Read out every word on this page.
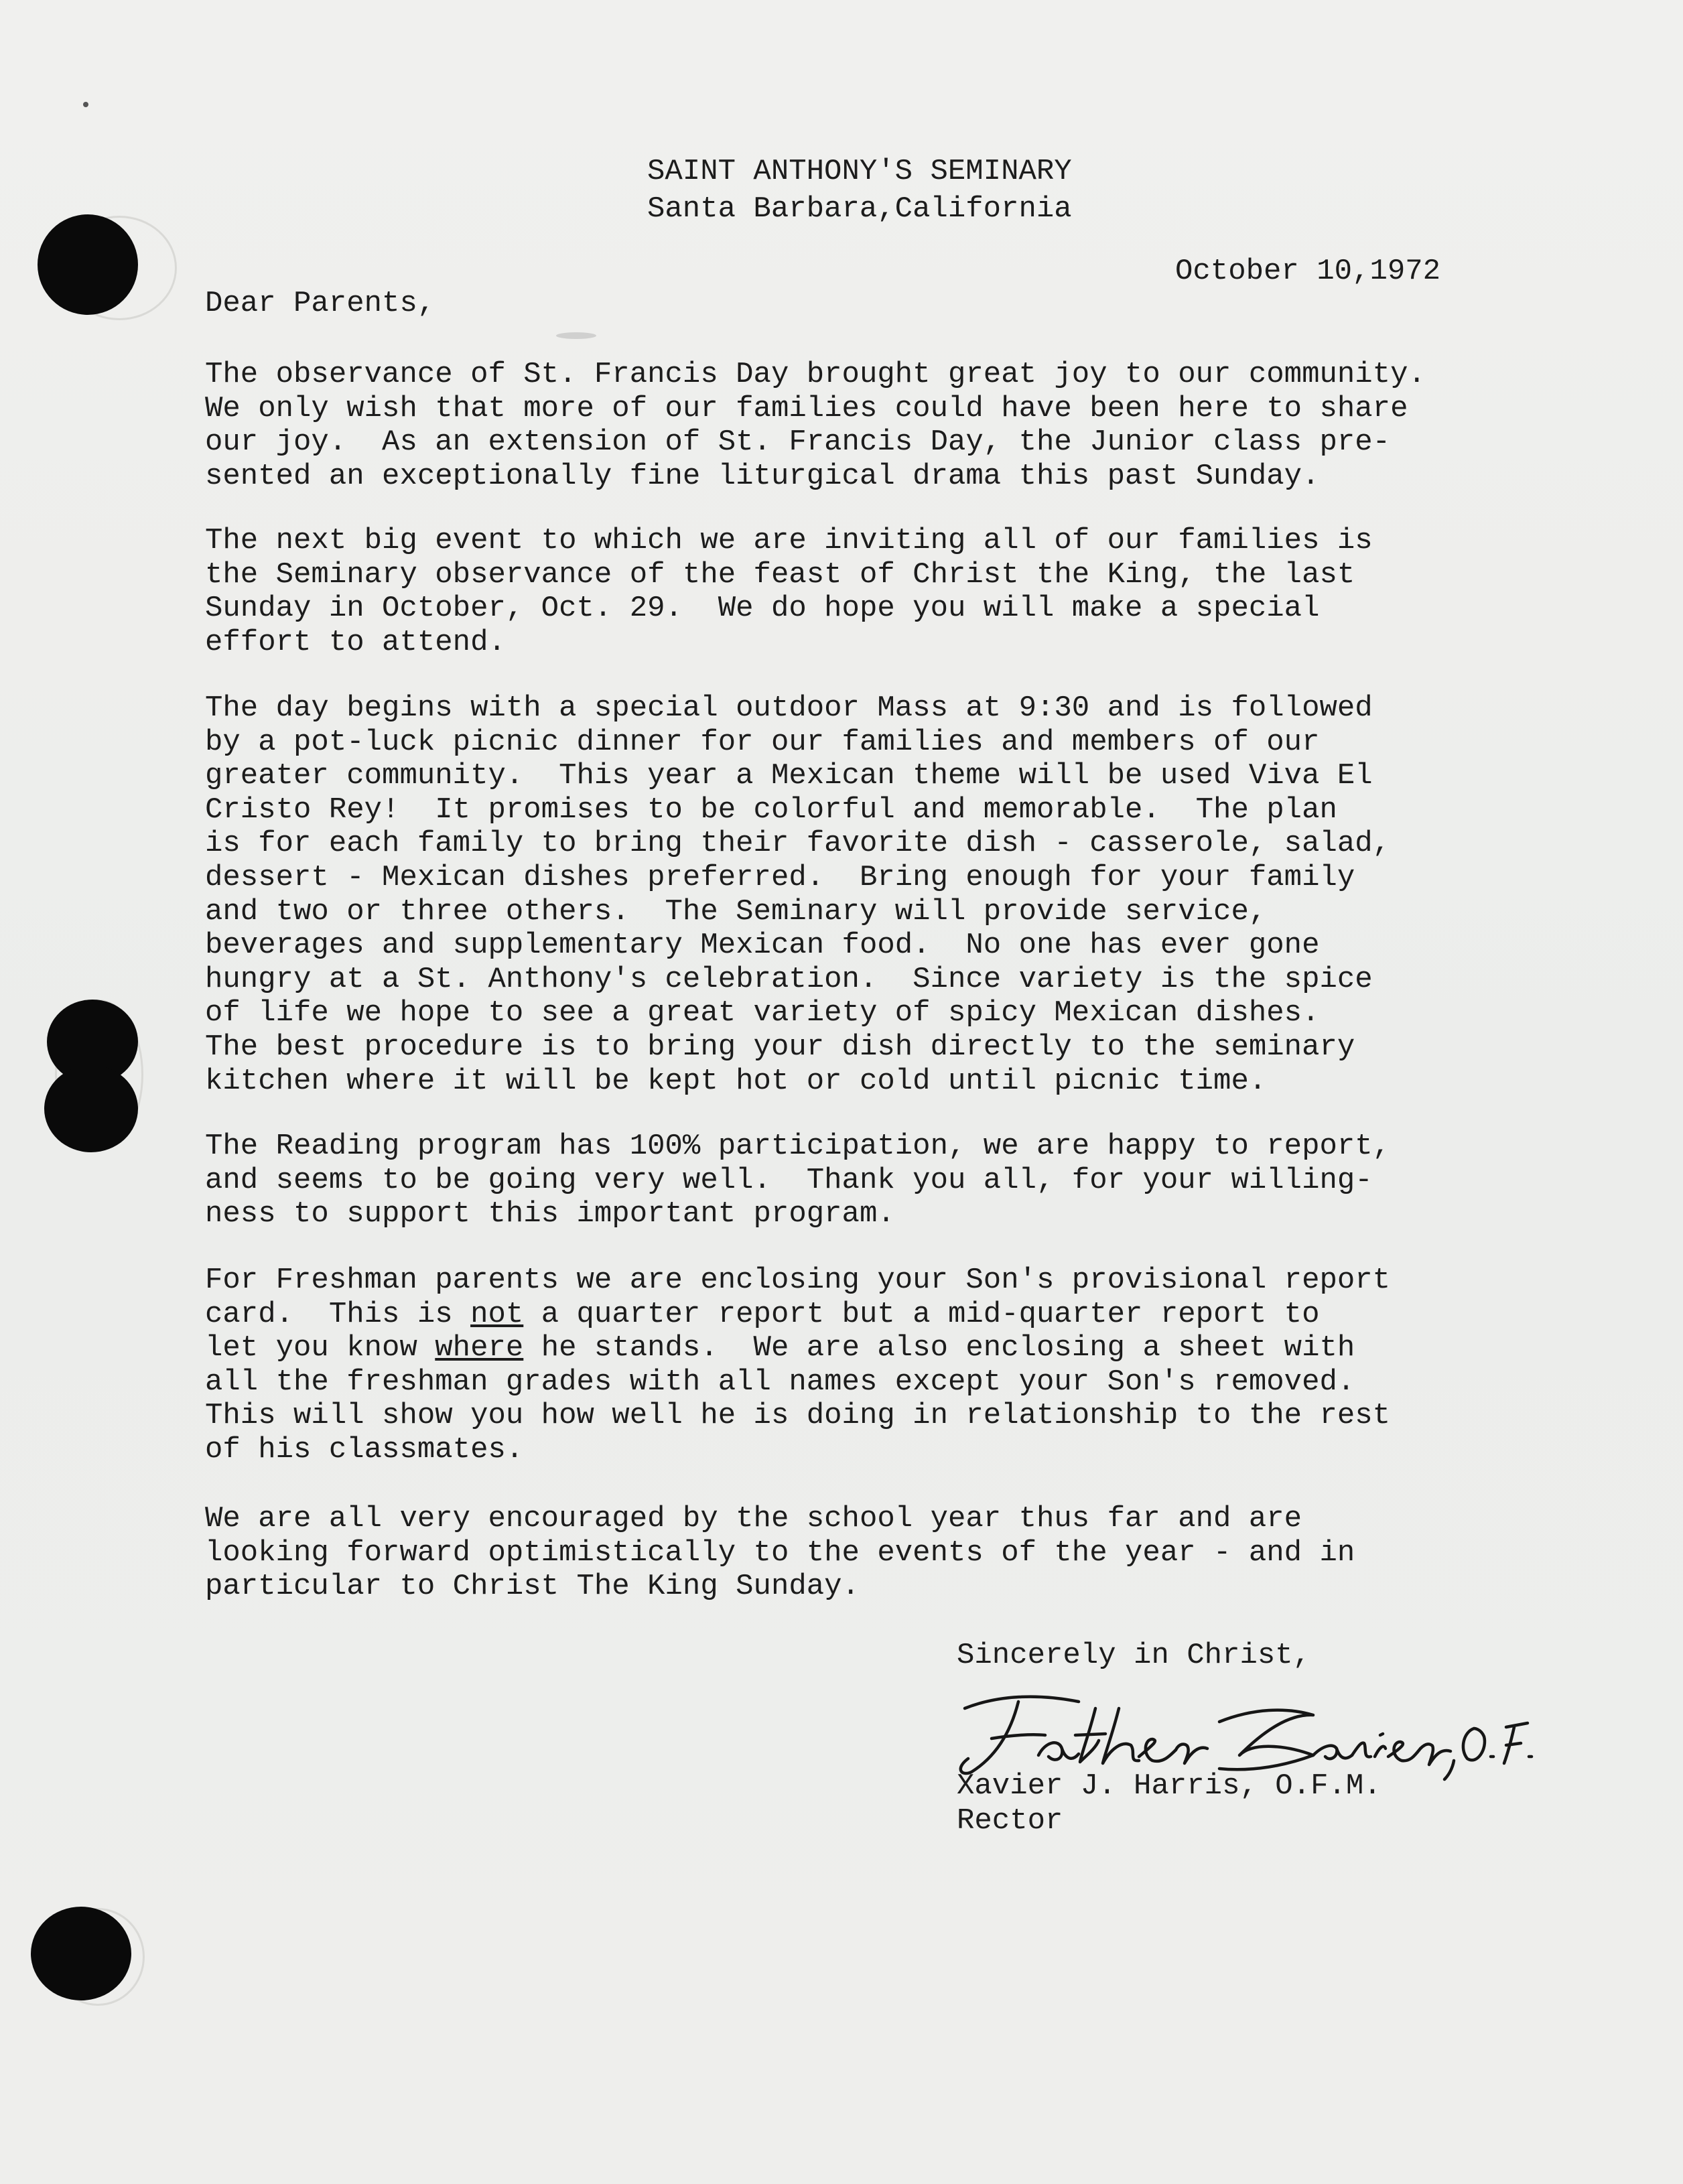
SAINT ANTHONY'S SEMINARY
Santa Barbara,California
October 10,1972
Dear Parents,
The observance of St. Francis Day brought great joy to our community.
We only wish that more of our families could have been here to share
our joy.  As an extension of St. Francis Day, the Junior class pre-
sented an exceptionally fine liturgical drama this past Sunday.
The next big event to which we are inviting all of our families is
the Seminary observance of the feast of Christ the King, the last
Sunday in October, Oct. 29.  We do hope you will make a special
effort to attend.
The day begins with a special outdoor Mass at 9:30 and is followed
by a pot-luck picnic dinner for our families and members of our
greater community.  This year a Mexican theme will be used Viva El
Cristo Rey!  It promises to be colorful and memorable.  The plan
is for each family to bring their favorite dish - casserole, salad,
dessert - Mexican dishes preferred.  Bring enough for your family
and two or three others.  The Seminary will provide service,
beverages and supplementary Mexican food.  No one has ever gone
hungry at a St. Anthony's celebration.  Since variety is the spice
of life we hope to see a great variety of spicy Mexican dishes.
The best procedure is to bring your dish directly to the seminary
kitchen where it will be kept hot or cold until picnic time.
The Reading program has 100% participation, we are happy to report,
and seems to be going very well.  Thank you all, for your willing-
ness to support this important program.
For Freshman parents we are enclosing your Son's provisional report
card.  This is not a quarter report but a mid-quarter report to
let you know where he stands.  We are also enclosing a sheet with
all the freshman grades with all names except your Son's removed.
This will show you how well he is doing in relationship to the rest
of his classmates.
We are all very encouraged by the school year thus far and are
looking forward optimistically to the events of the year - and in
particular to Christ The King Sunday.
Sincerely in Christ,
Xavier J. Harris, O.F.M.
Rector
